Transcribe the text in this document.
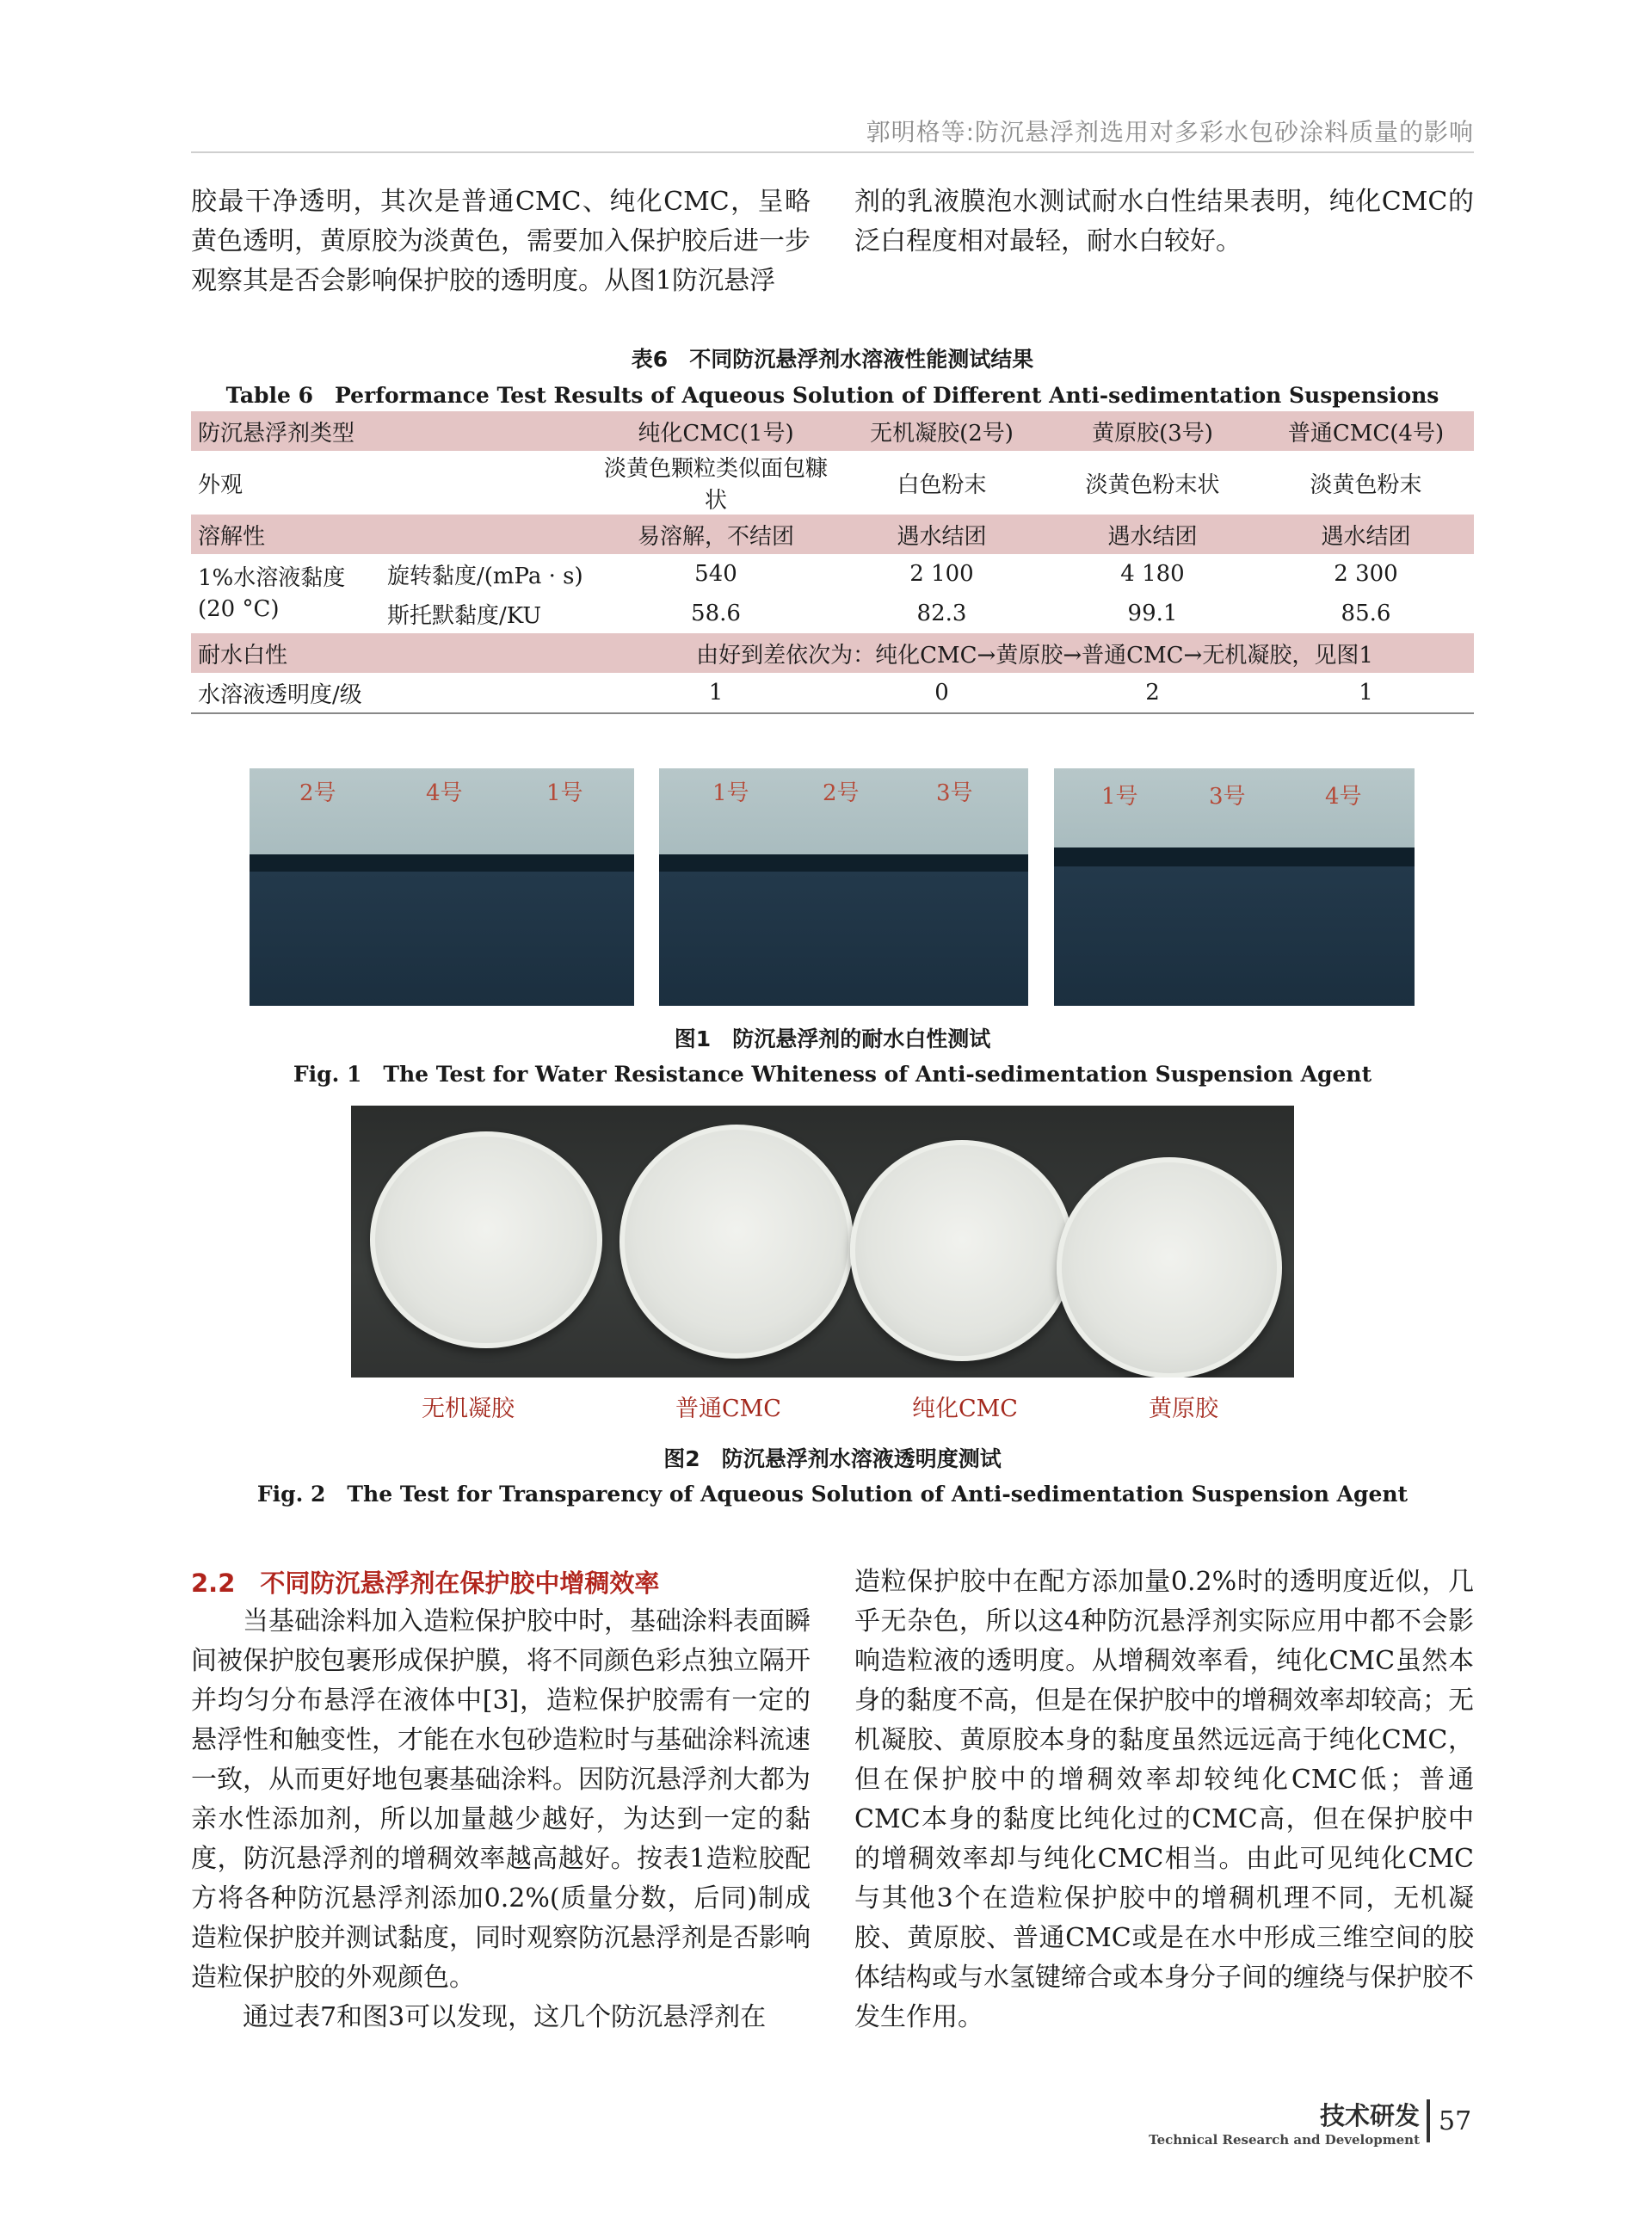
郭明格等:防沉悬浮剂选用对多彩水包砂涂料质量的影响

胶最干净透明，其次是普通CMC、纯化CMC，呈略黄色透明，黄原胶为淡黄色，需要加入保护胶后进一步观察其是否会影响保护胶的透明度。从图1防沉悬浮

剂的乳液膜泡水测试耐水白性结果表明，纯化CMC的泛白程度相对最轻，耐水白较好。

表6　不同防沉悬浮剂水溶液性能测试结果
Table 6　Performance Test Results of Aqueous Solution of Different Anti-sedimentation Suspensions
防沉悬浮剂类型		纯化CMC(1号)	无机凝胶(2号)	黄原胶(3号)	普通CMC(4号)
外观		淡黄色颗粒类似面包糠状	白色粉末	淡黄色粉末状	淡黄色粉末
溶解性		易溶解，不结团	遇水结团	遇水结团	遇水结团
1%水溶液黏度
(20 °C)	旋转黏度/(mPa · s)	540	2 100	4 180	2 300
	斯托默黏度/KU	58.6	82.3	99.1	85.6
耐水白性		由好到差依次为：纯化CMC→黄原胶→普通CMC→无机凝胶，见图1			
水溶液透明度/级		1	0	2	1
2号	4号	1号	1号	2号	3号	1号	3号	4号
图1　防沉悬浮剂的耐水白性测试
Fig. 1　The Test for Water Resistance Whiteness of Anti-sedimentation Suspension Agent
无机凝胶	普通CMC	纯化CMC	黄原胶
图2　防沉悬浮剂水溶液透明度测试
Fig. 2　The Test for Transparency of Aqueous Solution of Anti-sedimentation Suspension Agent
2.2　不同防沉悬浮剂在保护胶中增稠效率

当基础涂料加入造粒保护胶中时，基础涂料表面瞬间被保护胶包裹形成保护膜，将不同颜色彩点独立隔开并均匀分布悬浮在液体中[3]，造粒保护胶需有一定的悬浮性和触变性，才能在水包砂造粒时与基础涂料流速一致，从而更好地包裹基础涂料。因防沉悬浮剂大都为亲水性添加剂，所以加量越少越好，为达到一定的黏度，防沉悬浮剂的增稠效率越高越好。按表1造粒胶配方将各种防沉悬浮剂添加0.2%(质量分数，后同)制成造粒保护胶并测试黏度，同时观察防沉悬浮剂是否影响造粒保护胶的外观颜色。

通过表7和图3可以发现，这几个防沉悬浮剂在

造粒保护胶中在配方添加量0.2%时的透明度近似，几乎无杂色，所以这4种防沉悬浮剂实际应用中都不会影响造粒液的透明度。从增稠效率看，纯化CMC虽然本身的黏度不高，但是在保护胶中的增稠效率却较高；无机凝胶、黄原胶本身的黏度虽然远远高于纯化CMC，但在保护胶中的增稠效率却较纯化CMC低；普通CMC本身的黏度比纯化过的CMC高，但在保护胶中的增稠效率却与纯化CMC相当。由此可见纯化CMC与其他3个在造粒保护胶中的增稠机理不同，无机凝胶、黄原胶、普通CMC或是在水中形成三维空间的胶体结构或与水氢键缔合或本身分子间的缠绕与保护胶不发生作用。

技术研发
Technical Research and Development
57
